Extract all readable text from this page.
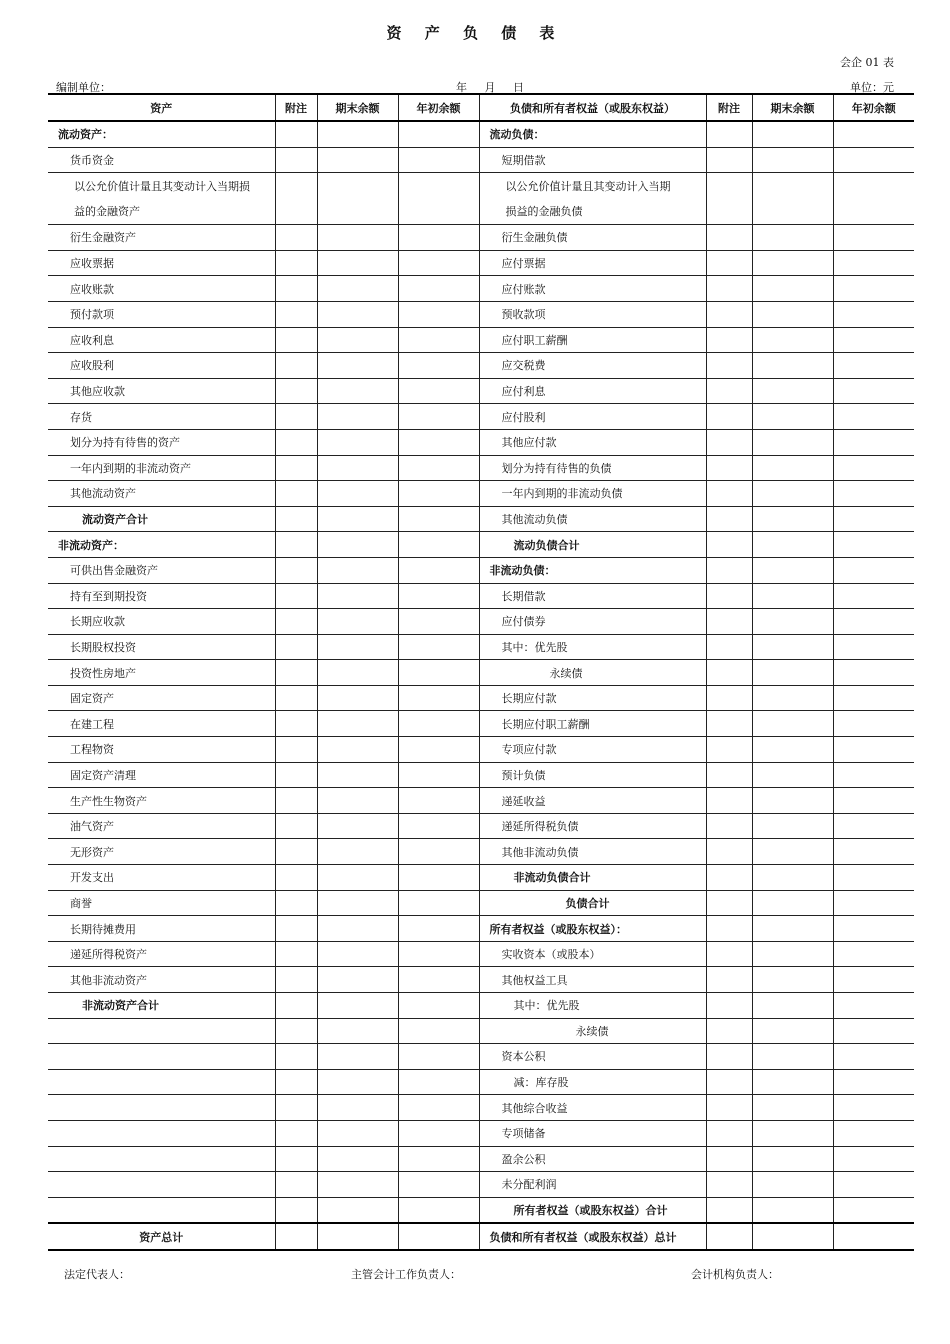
资 产 负 债 表
会企 01 表
编制单位：	年 月 日	单位：元
资产	附注	期末余额	年初余额	负债和所有者权益（或股东权益）	附注	期末余额	年初余额
流动资产：				流动负债：			
货币资金				短期借款			

以公允价值计量且其变动计入当期损
益的金融资产				以公允价值计量且其变动计入当期
损益的金融负债			

衍生金融资产				衍生金融负债			
应收票据				应付票据			
应收账款				应付账款			
预付款项				预收款项			
应收利息				应付职工薪酬			
应收股利				应交税费			
其他应收款				应付利息			
存货				应付股利			
划分为持有待售的资产				其他应付款			
一年内到期的非流动资产				划分为持有待售的负债			
其他流动资产				一年内到期的非流动负债			
流动资产合计				其他流动负债			
非流动资产：				流动负债合计			
可供出售金融资产				非流动负债：			
持有至到期投资				长期借款			
长期应收款				应付债券			
长期股权投资				其中：优先股			
投资性房地产				永续债			
固定资产				长期应付款			
在建工程				长期应付职工薪酬			
工程物资				专项应付款			
固定资产清理				预计负债			
生产性生物资产				递延收益			
油气资产				递延所得税负债			
无形资产				其他非流动负债			
开发支出				非流动负债合计			
商誉				负债合计			
长期待摊费用				所有者权益（或股东权益）：			
递延所得税资产				实收资本（或股本）			
其他非流动资产				其他权益工具			
非流动资产合计				其中：优先股			
				永续债			
				资本公积			
				减：库存股			
				其他综合收益			
				专项储备			
				盈余公积			
				未分配利润			
				所有者权益（或股东权益）合计			
资产总计				负债和所有者权益（或股东权益）总计			
法定代表人：	主管会计工作负责人：	会计机构负责人：
